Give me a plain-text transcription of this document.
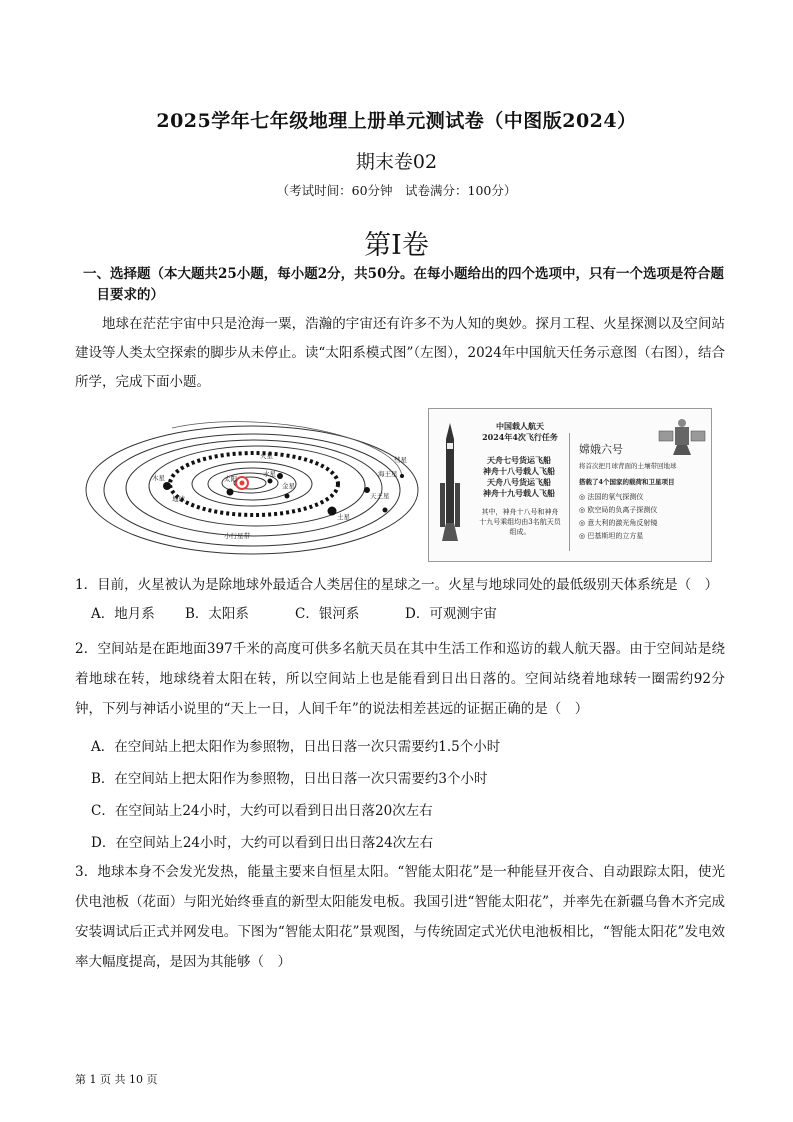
2025学年七年级地理上册单元测试卷（中图版2024）
期末卷02
（考试时间：60分钟　试卷满分：100分）
第I卷
一、选择题（本大题共25小题，每小题2分，共50分。在每小题给出的四个选项中，只有一个选项是符合题目要求的）
地球在茫茫宇宙中只是沧海一粟，浩瀚的宇宙还有许多不为人知的奥妙。探月工程、火星探测以及空间站建设等人类太空探索的脚步从未停止。读“太阳系模式图”（左图），2024年中国航天任务示意图（右图），结合所学，完成下面小题。
太阳
水星
金星
地球
火星
木星
土星
天王星
海王星
小行星带
彗星
中国载人航天
2024年4次飞行任务
天舟七号货运飞船
神舟十八号载人飞船
天舟八号货运飞船
神舟十九号载人飞船
其中，神舟十八号和神舟十九号乘组均由3名航天员组成。
嫦娥六号
将首次把月球背面的土壤带回地球
搭载了4个国家的载荷和卫星项目
◎ 法国的氡气探测仪
◎ 欧空局的负离子探测仪
◎ 意大利的激光角反射镜
◎ 巴基斯坦的立方星
1．目前，火星被认为是除地球外最适合人类居住的星球之一。火星与地球同处的最低级别天体系统是（　）
A．地月系 B．太阳系	C．银河系	D．可观测宇宙
2．空间站是在距地面397千米的高度可供多名航天员在其中生活工作和巡访的载人航天器。由于空间站是绕着地球在转，地球绕着太阳在转，所以空间站上也是能看到日出日落的。空间站绕着地球转一圈需约92分钟，下列与神话小说里的“天上一日，人间千年”的说法相差甚远的证据正确的是（　）
A．在空间站上把太阳作为参照物，日出日落一次只需要约1.5个小时
B．在空间站上把太阳作为参照物，日出日落一次只需要约3个小时
C．在空间站上24小时，大约可以看到日出日落20次左右
D．在空间站上24小时，大约可以看到日出日落24次左右
3．地球本身不会发光发热，能量主要来自恒星太阳。“智能太阳花”是一种能昼开夜合、自动跟踪太阳，使光伏电池板（花面）与阳光始终垂直的新型太阳能发电板。我国引进“智能太阳花”，并率先在新疆乌鲁木齐完成安装调试后正式并网发电。下图为“智能太阳花”景观图，与传统固定式光伏电池板相比，“智能太阳花”发电效率大幅度提高，是因为其能够（　）
第 1 页 共 10 页
